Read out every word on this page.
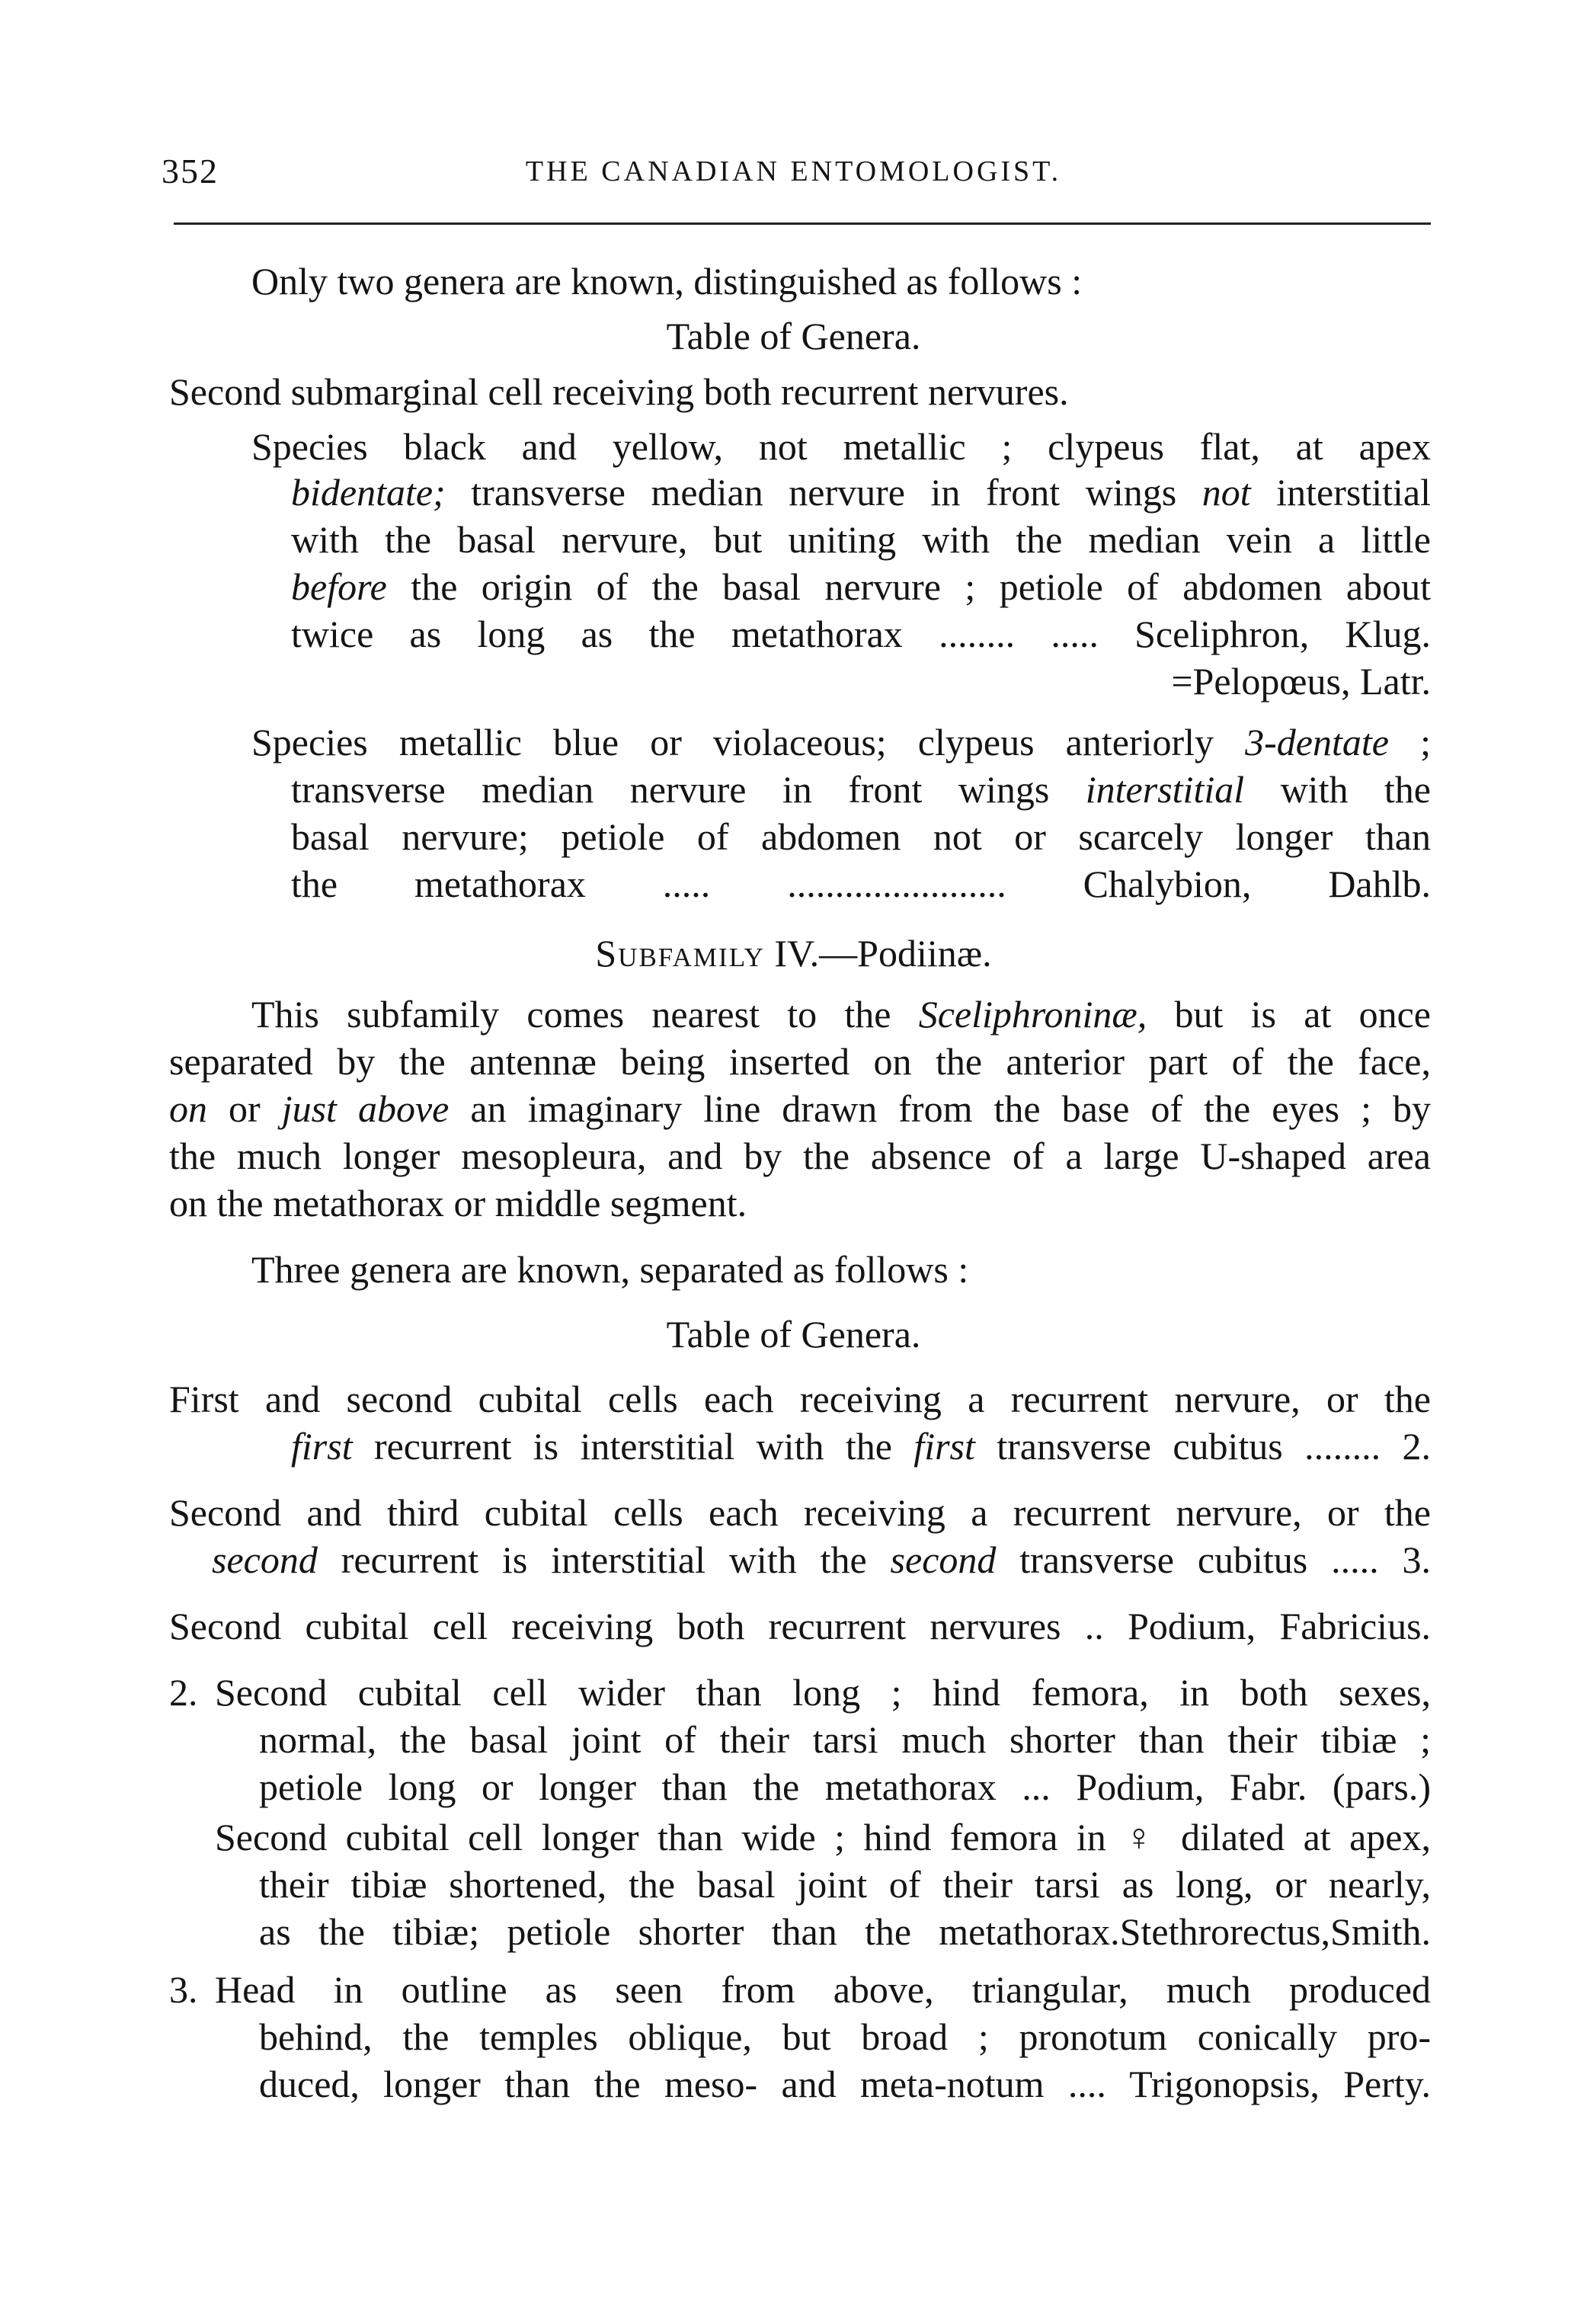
352	THE CANADIAN ENTOMOLOGIST.
Only two genera are known, distinguished as follows :
Table of Genera.
Second submarginal cell receiving both recurrent nervures.
Species black and yellow, not metallic ; clypeus flat, at apex
bidentate; transverse median nervure in front wings not interstitial
with the basal nervure, but uniting with the median vein a little
before the origin of the basal nervure ; petiole of abdomen about
twice as long as the metathorax ........ ..... Sceliphron, Klug.
=Pelopœus, Latr.
Species metallic blue or violaceous; clypeus anteriorly 3-dentate ;
transverse median nervure in front wings interstitial with the
basal nervure; petiole of abdomen not or scarcely longer than
the metathorax ..... ....................... Chalybion, Dahlb.
Subfamily IV.—Podiinæ.
This subfamily comes nearest to the Sceliphroninæ, but is at once
separated by the antennæ being inserted on the anterior part of the face,
on or just above an imaginary line drawn from the base of the eyes ; by
the much longer mesopleura, and by the absence of a large U-shaped area
on the metathorax or middle segment.
Three genera are known, separated as follows :
Table of Genera.
First and second cubital cells each receiving a recurrent nervure, or the
first recurrent is interstitial with the first transverse cubitus ........ 2.
Second and third cubital cells each receiving a recurrent nervure, or the
second recurrent is interstitial with the second transverse cubitus ..... 3.
Second cubital cell receiving both recurrent nervures .. Podium, Fabricius.
2. Second cubital cell wider than long ; hind femora, in both sexes,
normal, the basal joint of their tarsi much shorter than their tibiæ ;
petiole long or longer than the metathorax ... Podium, Fabr. (pars.)
Second cubital cell longer than wide ; hind femora in ♀ dilated at apex,
their tibiæ shortened, the basal joint of their tarsi as long, or nearly,
as the tibiæ; petiole shorter than the metathorax.Stethrorectus,Smith.
3. Head in outline as seen from above, triangular, much produced
behind, the temples oblique, but broad ; pronotum conically pro-
duced, longer than the meso- and meta-notum .... Trigonopsis, Perty.
